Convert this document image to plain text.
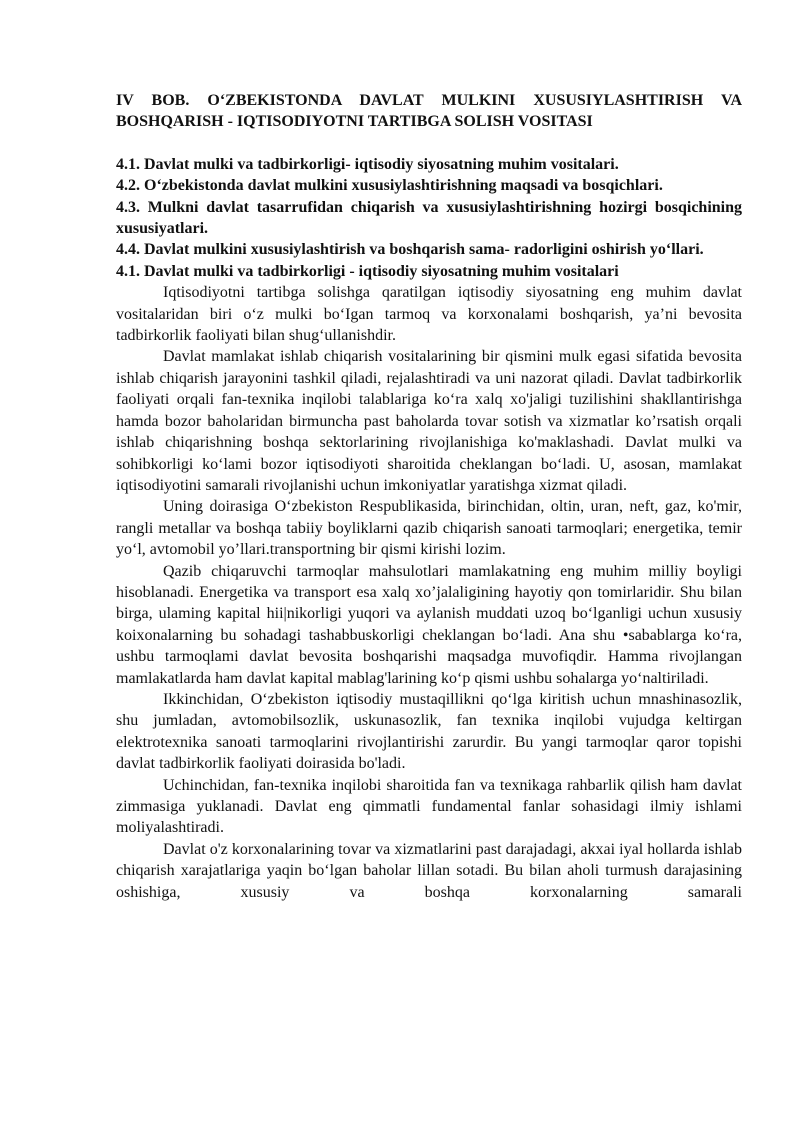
IV BOB. O‘ZBEKISTONDA DAVLAT MULKINI XUSUSIYLASHTIRISH VA BOSHQARISH - IQTISODIYOTNI TARTIBGA SOLISH VOSITASI

4.1. Davlat mulki va tadbirkorligi- iqtisodiy siyosatning muhim vositalari.

4.2. O‘zbekistonda davlat mulkini xususiylashtirishning maqsadi va bosqichlari.

4.3. Mulkni davlat tasarrufidan chiqarish va xususiylashtirishning hozirgi bosqichining xususiyatlari.

4.4. Davlat mulkini xususiylashtirish va boshqarish sama- radorligini oshirish yo‘llari.

4.1. Davlat mulki va tadbirkorligi - iqtisodiy siyosatning muhim vositalari

Iqtisodiyotni tartibga solishga qaratilgan iqtisodiy siyosatning eng muhim davlat vositalaridan biri o‘z mulki bo‘Igan tarmoq va korxonalami boshqarish, ya’ni bevosita tadbirkorlik faoliyati bilan shug‘ullanishdir.

Davlat mamlakat ishlab chiqarish vositalarining bir qismini mulk egasi sifatida bevosita ishlab chiqarish jarayonini tashkil qiladi, rejalashtiradi va uni nazorat qiladi. Davlat tadbirkorlik faoliyati orqali fan-texnika inqilobi talablariga ko‘ra xalq xo'jaligi tuzilishini shakllantirishga hamda bozor baholaridan birmuncha past baholarda tovar sotish va xizmatlar ko’rsatish orqali ishlab chiqarishning boshqa sektorlarining rivojlanishiga ko'maklashadi. Davlat mulki va sohibkorligi ko‘lami bozor iqtisodiyoti sharoitida cheklangan bo‘ladi. U, asosan, mamlakat iqtisodiyotini samarali rivojlanishi uchun imkoniyatlar yaratishga xizmat qiladi.

Uning doirasiga O‘zbekiston Respublikasida, birinchidan, oltin, uran, neft, gaz, ko'mir, rangli metallar va boshqa tabiiy boyliklarni qazib chiqarish sanoati tarmoqlari; energetika, temir yo‘l, avtomobil yo’llari.transportning bir qismi kirishi lozim.

Qazib chiqaruvchi tarmoqlar mahsulotlari mamlakatning eng muhim milliy boyligi hisoblanadi. Energetika va transport esa xalq xo’jalaligining hayotiy qon tomirlaridir. Shu bilan birga, ulaming kapital hii|nikorligi yuqori va aylanish muddati uzoq bo‘lganligi uchun xususiy koixonalarning bu sohadagi tashabbuskorligi cheklangan bo‘ladi. Ana shu •sabablarga ko‘ra, ushbu tarmoqlami davlat bevosita boshqarishi maqsadga muvofiqdir. Hamma rivojlangan mamlakatlarda ham davlat kapital mablag'larining ko‘p qismi ushbu sohalarga yo‘naltiriladi.

Ikkinchidan, O‘zbekiston iqtisodiy mustaqillikni qo‘lga kiritish uchun mnashinasozlik, shu jumladan, avtomobilsozlik, uskunasozlik, fan texnika inqilobi vujudga keltirgan elektrotexnika sanoati tarmoqlarini rivojlantirishi zarurdir. Bu yangi tarmoqlar qaror topishi davlat tadbirkorlik faoliyati doirasida bo'ladi.

Uchinchidan, fan-texnika inqilobi sharoitida fan va texnikaga rahbarlik qilish ham davlat zimmasiga yuklanadi. Davlat eng qimmatli fundamental fanlar sohasidagi ilmiy ishlami moliyalashtiradi.

Davlat o'z korxonalarining tovar va xizmatlarini past darajadagi, akxai iyal hollarda ishlab chiqarish xarajatlariga yaqin bo‘lgan baholar lillan sotadi. Bu bilan aholi turmush darajasining oshishiga, xususiy va boshqa korxonalarning samarali
